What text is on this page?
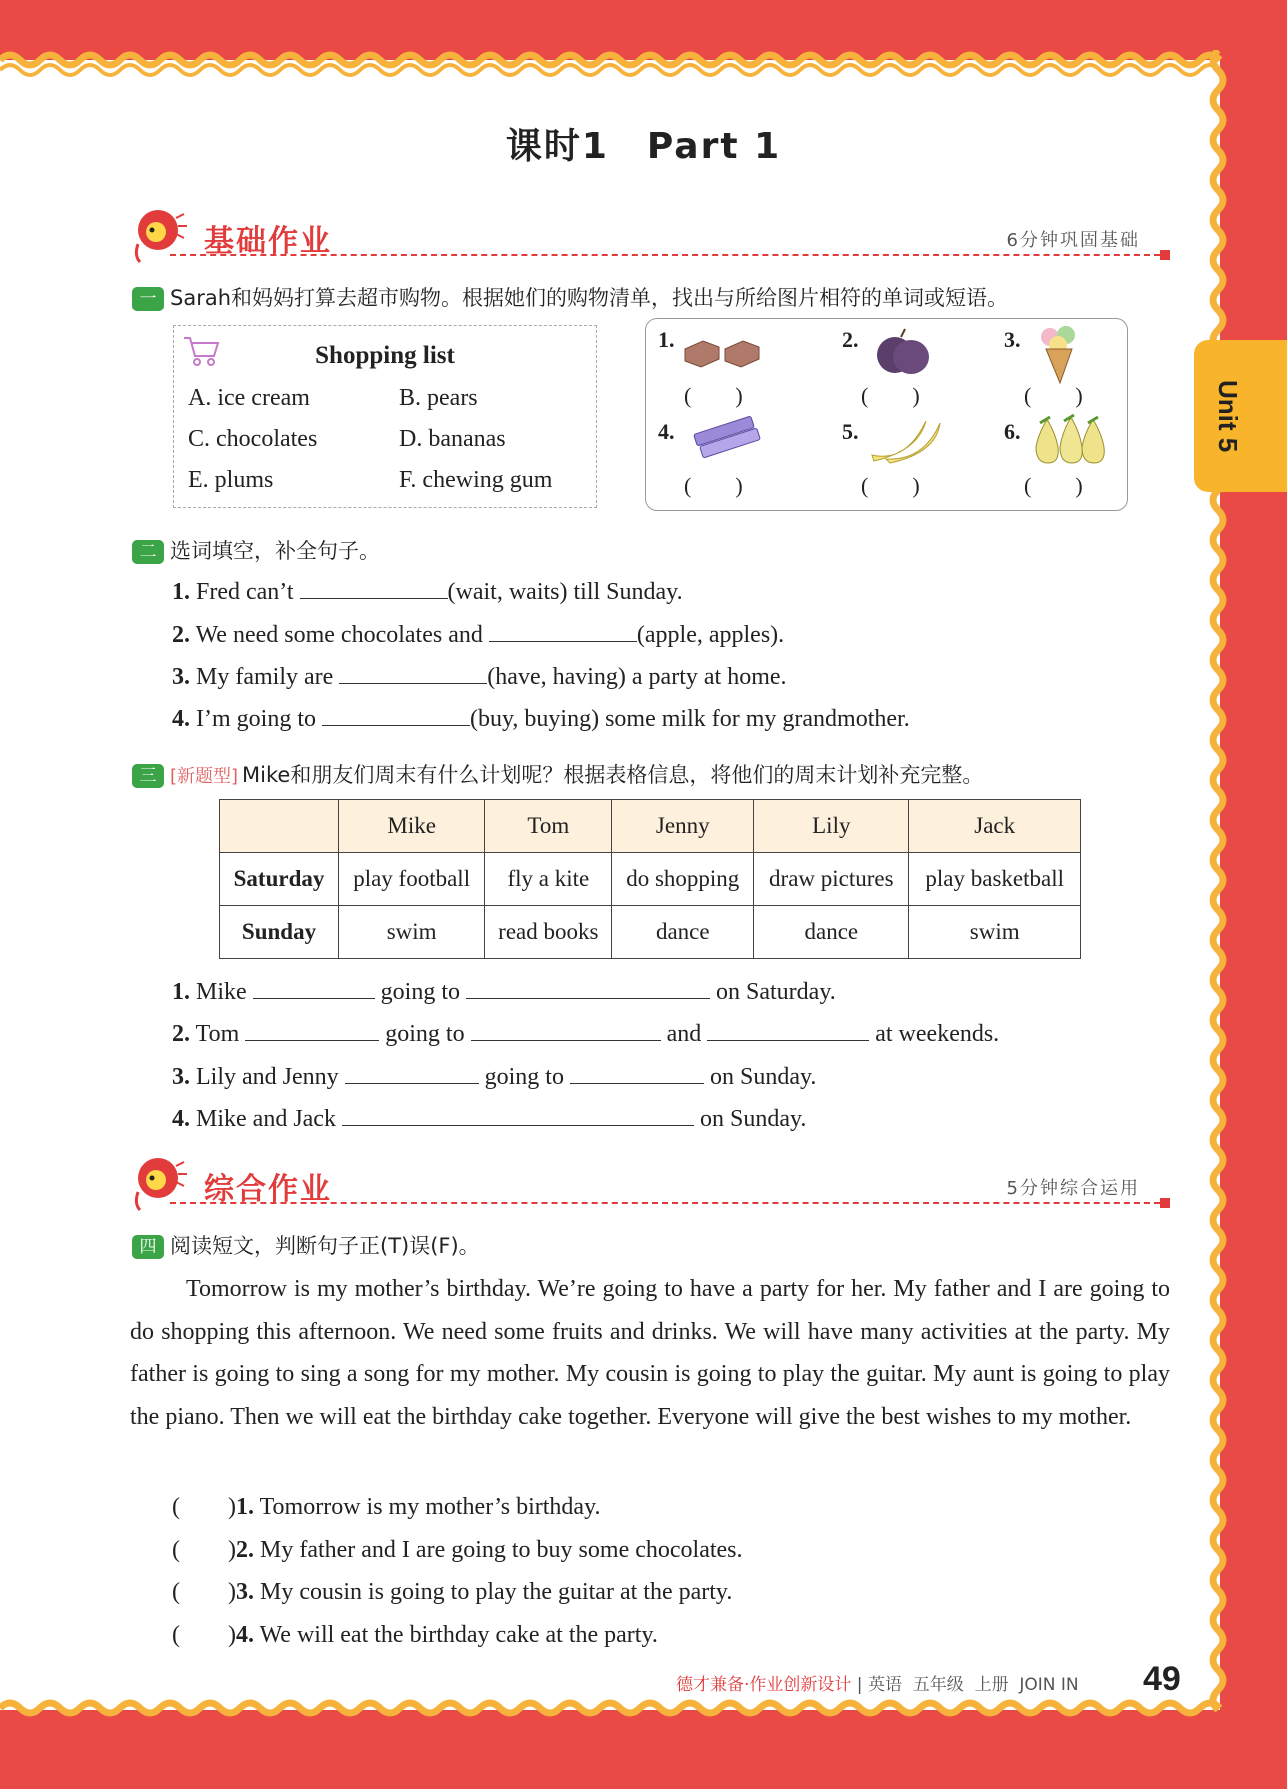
Unit 5
课时1　Part 1
基础作业	6分钟巩固基础
一 Sarah和妈妈打算去超市购物。根据她们的购物清单，找出与所给图片相符的单词或短语。
Shopping list
A. ice cream	B. pears
C. chocolates	D. bananas
E. plums	F. chewing gum
1.
(　　)
2.
(　　)
3.
(　　)
4.
(　　)
5.
(　　)
6.
(　　)
二 选词填空，补全句子。
1. Fred can’t	(wait, waits) till Sunday.
2. We need some chocolates and	(apple, apples).
3. My family are	(have, having) a party at home.
4. I’m going to	(buy, buying) some milk for my grandmother.
三 [新题型] Mike和朋友们周末有什么计划呢？根据表格信息，将他们的周末计划补充完整。
	Mike	Tom	Jenny	Lily	Jack
Saturday	play football	fly a kite	do shopping	draw pictures	play basketball
Sunday	swim	read books	dance	dance	swim
1. Mike	going to	on Saturday.
2. Tom	going to	and	at weekends.
3. Lily and Jenny	going to	on Sunday.
4. Mike and Jack	on Sunday.
综合作业	5分钟综合运用
四 阅读短文，判断句子正(T)误(F)。

Tomorrow is my mother’s birthday. We’re going to have a party for her. My father and I are going to do shopping this afternoon. We need some fruits and drinks. We will have many activities at the party. My father is going to sing a song for my mother. My cousin is going to play the guitar. My aunt is going to play the piano. Then we will eat the birthday cake together. Everyone will give the best wishes to my mother.

(　　)1. Tomorrow is my mother’s birthday.
(　　)2. My father and I are going to buy some chocolates.
(　　)3. My cousin is going to play the guitar at the party.
(　　)4. We will eat the birthday cake at the party.
德才兼备·作业创新设计 | 英语 五年级 上册 JOIN IN 49
